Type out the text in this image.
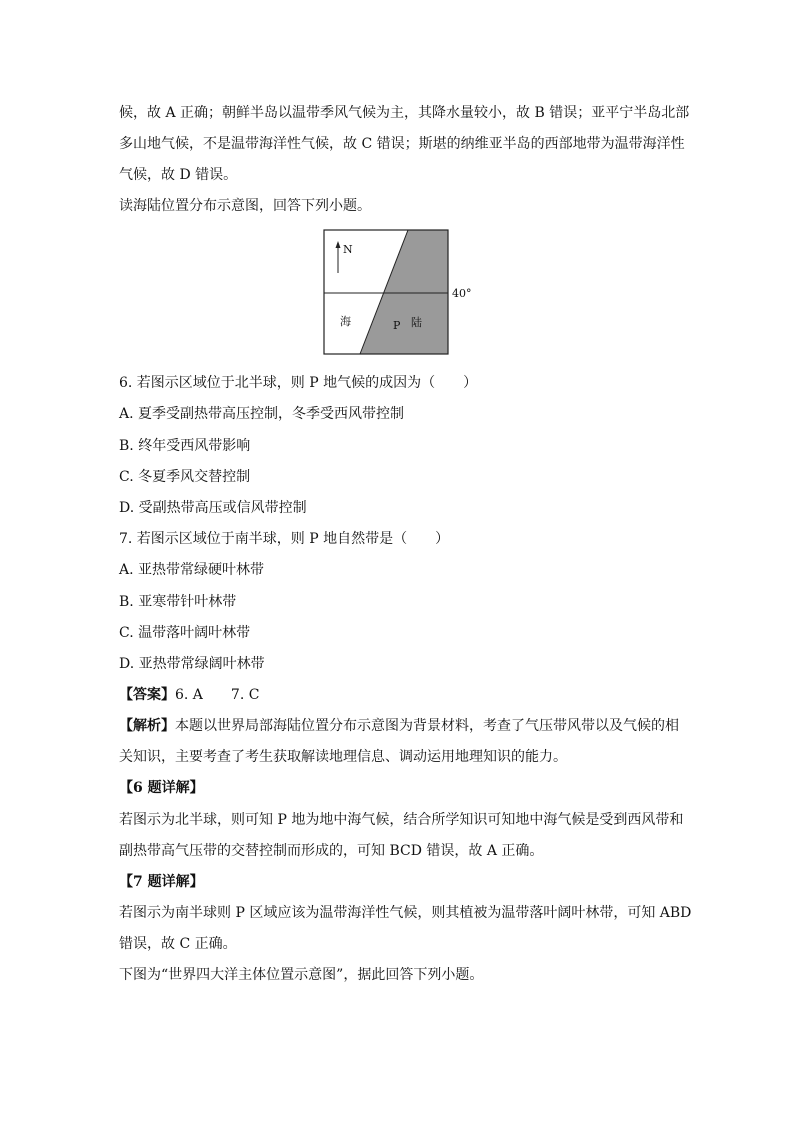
候，故 A 正确；朝鲜半岛以温带季风气候为主，其降水量较小，故 B 错误；亚平宁半岛北部
多山地气候，不是温带海洋性气候，故 C 错误；斯堪的纳维亚半岛的西部地带为温带海洋性
气候，故 D 错误。
读海陆位置分布示意图，回答下列小题。
N
40°
海	P 陆
6. 若图示区域位于北半球，则 P 地气候的成因为（　　）
A. 夏季受副热带高压控制，冬季受西风带控制
B. 终年受西风带影响
C. 冬夏季风交替控制
D. 受副热带高压或信风带控制
7. 若图示区域位于南半球，则 P 地自然带是（　　）
A. 亚热带常绿硬叶林带
B. 亚寒带针叶林带
C. 温带落叶阔叶林带
D. 亚热带常绿阔叶林带
【答案】6. A　　7. C
【解析】本题以世界局部海陆位置分布示意图为背景材料，考查了气压带风带以及气候的相
关知识，主要考查了考生获取解读地理信息、调动运用地理知识的能力。
【6 题详解】
若图示为北半球，则可知 P 地为地中海气候，结合所学知识可知地中海气候是受到西风带和
副热带高气压带的交替控制而形成的，可知 BCD 错误，故 A 正确。
【7 题详解】
若图示为南半球则 P 区域应该为温带海洋性气候，则其植被为温带落叶阔叶林带，可知 ABD
错误，故 C 正确。
下图为“世界四大洋主体位置示意图”，据此回答下列小题。
